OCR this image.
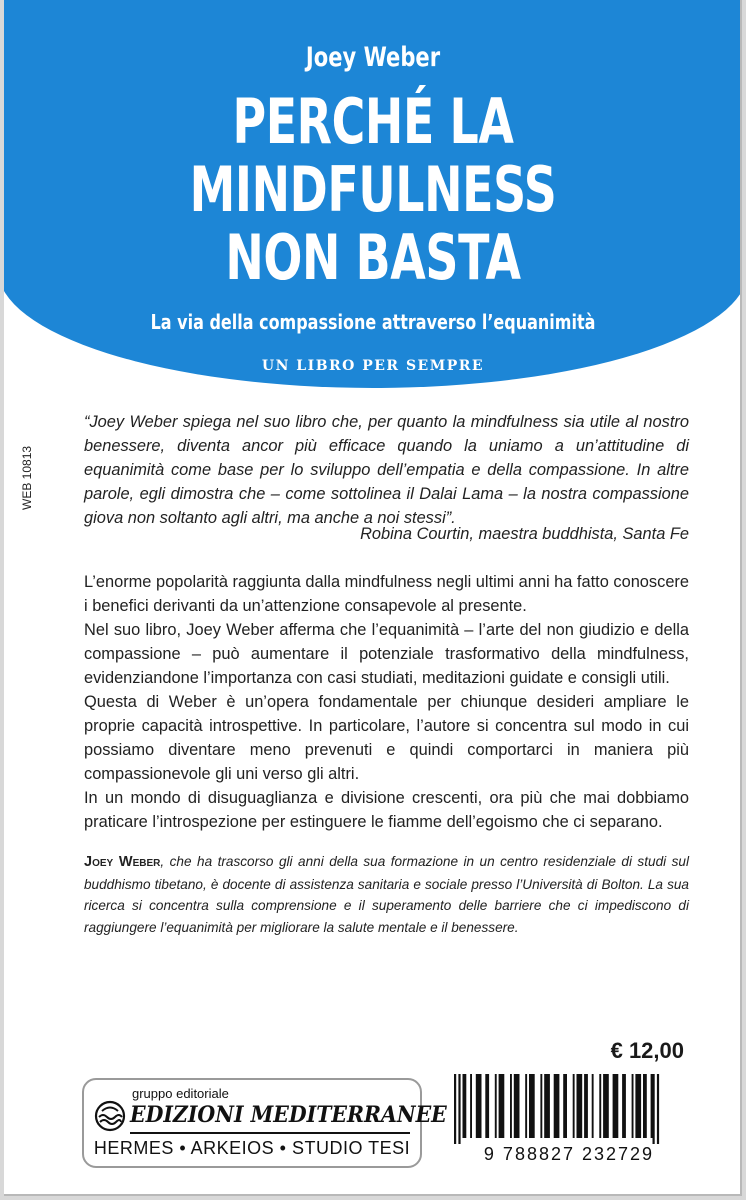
Joey Weber
PERCHÉ LA
MINDFULNESS
NON BASTA
La via della compassione attraverso l’equanimità
UN LIBRO PER SEMPRE
WEB 10813
“Joey Weber spiega nel suo libro che, per quanto la mindfulness sia utile al nostro benessere, diventa ancor più efficace quando la uniamo a un’attitudine di equanimità come base per lo sviluppo dell’empatia e della compassione. In altre parole, egli dimostra che – come sottolinea il Dalai Lama – la nostra compassione giova non soltanto agli altri, ma anche a noi stessi”.
Robina Courtin, maestra buddhista, Santa Fe

L’enorme popolarità raggiunta dalla mindfulness negli ultimi anni ha fatto conoscere i benefici derivanti da un’attenzione consapevole al presente.

Nel suo libro, Joey Weber afferma che l’equanimità – l’arte del non giudizio e della compassione – può aumentare il potenziale trasformativo della mindfulness, evidenziandone l’importanza con casi studiati, meditazioni guidate e consigli utili.

Questa di Weber è un’opera fondamentale per chiunque desideri ampliare le proprie capacità introspettive. In particolare, l’autore si concentra sul modo in cui possiamo diventare meno prevenuti e quindi comportarci in maniera più compassionevole gli uni verso gli altri.

In un mondo di disuguaglianza e divisione crescenti, ora più che mai dobbiamo praticare l’introspezione per estinguere le fiamme dell’egoismo che ci separano.

Joey Weber, che ha trascorso gli anni della sua formazione in un centro residenziale di studi sul buddhismo tibetano, è docente di assistenza sanitaria e sociale presso l’Università di Bolton. La sua ricerca si concentra sulla comprensione e il superamento delle barriere che ci impediscono di raggiungere l’equanimità per migliorare la salute mentale e il benessere.
€ 12,00
gruppo editoriale
EDIZIONI MEDITERRANEE
HERMES • ARKEIOS • STUDIO TESI	9 788827 232729
